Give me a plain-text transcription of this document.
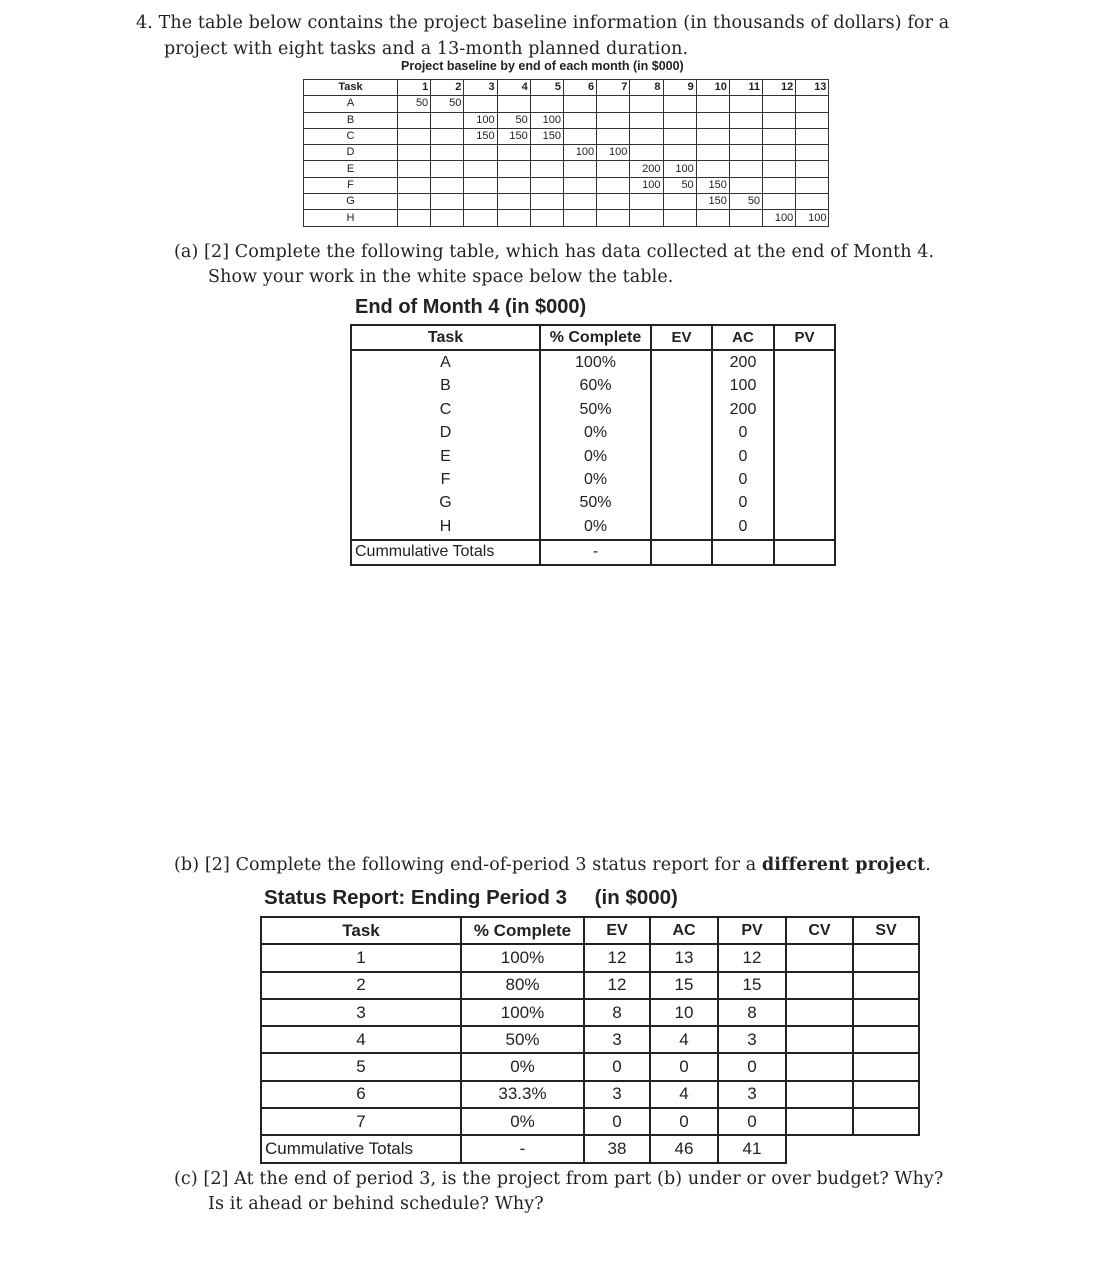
4. The table below contains the project baseline information (in thousands of dollars) for a
project with eight tasks and a 13-month planned duration.
Project baseline by end of each month (in $000)
Task	1	2	3	4	5	6	7	8	9	10	11	12	13
A	50	50											
B			100	50	100								
C			150	150	150								
D						100	100						
E								200	100				
F								100	50	150			
G										150	50		
H												100	100
(a) [2] Complete the following table, which has data collected at the end of Month 4.
Show your work in the white space below the table.
End of Month 4 (in $000)
Task	% Complete	EV	AC	PV
A	100%		200	
B	60%		100	
C	50%		200	
D	0%		0	
E	0%		0	
F	0%		0	
G	50%		0	
H	0%		0	
Cummulative Totals	-			
(b) [2] Complete the following end-of-period 3 status report for a different project.
Status Report: Ending Period 3 (in $000)
Task	% Complete	EV	AC	PV	CV	SV
1	100%	12	13	12		
2	80%	12	15	15		
3	100%	8	10	8		
4	50%	3	4	3		
5	0%	0	0	0		
6	33.3%	3	4	3		
7	0%	0	0	0		
Cummulative Totals	-	38	46	41		
(c) [2] At the end of period 3, is the project from part (b) under or over budget? Why?
Is it ahead or behind schedule? Why?
